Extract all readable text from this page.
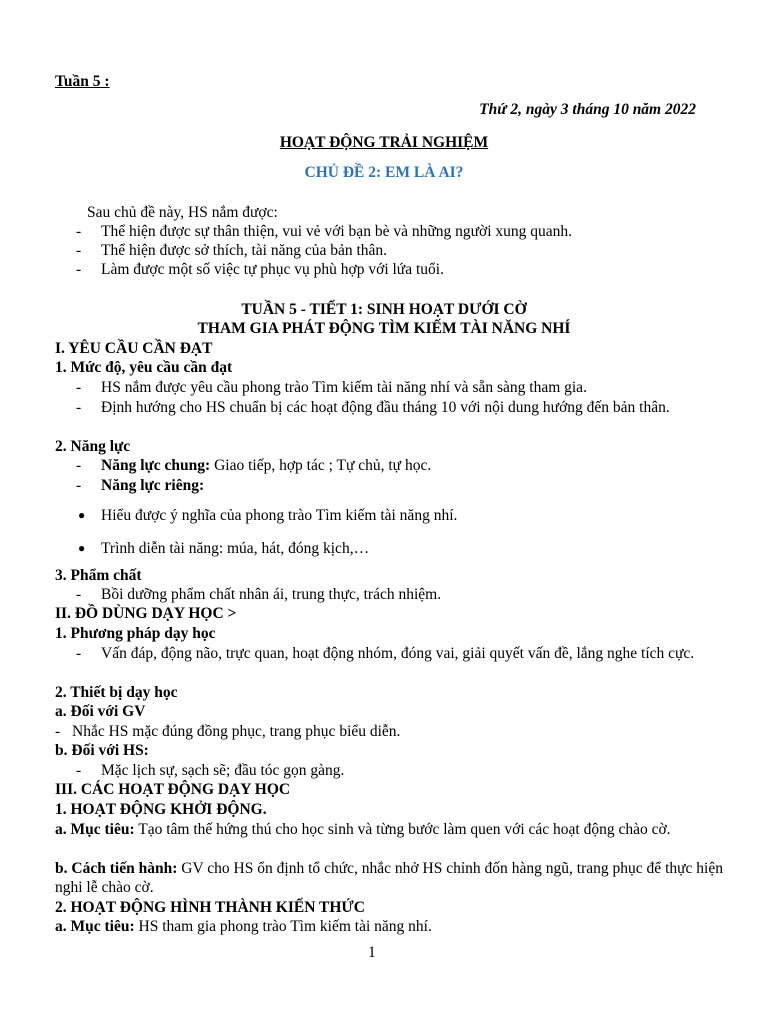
Tuần 5 :
Thứ 2, ngày 3 tháng 10 năm 2022
HOẠT ĐỘNG TRẢI NGHIỆM
CHỦ ĐỀ 2: EM LÀ AI?
Sau chủ đề này, HS nắm được:
- Thể hiện được sự thân thiện, vui vẻ với bạn bè và những người xung quanh.
- Thể hiện được sở thích, tài năng của bản thân.
- Làm được một số việc tự phục vụ phù hợp với lứa tuổi.
TUẦN 5 - TIẾT 1: SINH HOẠT DƯỚI CỜ
THAM GIA PHÁT ĐỘNG TÌM KIẾM TÀI NĂNG NHÍ
I. YÊU CẦU CẦN ĐẠT
1. Mức độ, yêu cầu cần đạt
- HS nắm được yêu cầu phong trào Tìm kiếm tài năng nhí và sẵn sàng tham gia.
- Định hướng cho HS chuẩn bị các hoạt động đầu tháng 10 với nội dung hướng đến bản thân.
2. Năng lực
- Năng lực chung: Giao tiếp, hợp tác ; Tự chủ, tự học.
- Năng lực riêng:
● Hiểu được ý nghĩa của phong trào Tìm kiếm tài năng nhí.
● Trình diễn tài năng: múa, hát, đóng kịch,…
3. Phẩm chất
- Bồi dưỡng phẩm chất nhân ái, trung thực, trách nhiệm.
II. ĐỒ DÙNG DẠY HỌC >
1. Phương pháp dạy học
- Vấn đáp, động não, trực quan, hoạt động nhóm, đóng vai, giải quyết vấn đề, lắng nghe tích cực.
2. Thiết bị dạy học
a. Đối với GV
- Nhắc HS mặc đúng đồng phục, trang phục biểu diễn.
b. Đối với HS:
- Mặc lịch sự, sạch sẽ; đầu tóc gọn gàng.
III. CÁC HOẠT ĐỘNG DẠY HỌC
1. HOẠT ĐỘNG KHỞI ĐỘNG.
a. Mục tiêu: Tạo tâm thế hứng thú cho học sinh và từng bước làm quen với các hoạt động chào cờ.
b. Cách tiến hành: GV cho HS ổn định tổ chức, nhắc nhở HS chỉnh đốn hàng ngũ, trang phục để thực hiện nghi lễ chào cờ.
2. HOẠT ĐỘNG HÌNH THÀNH KIẾN THỨC
a. Mục tiêu: HS tham gia phong trào Tìm kiếm tài năng nhí.
1
